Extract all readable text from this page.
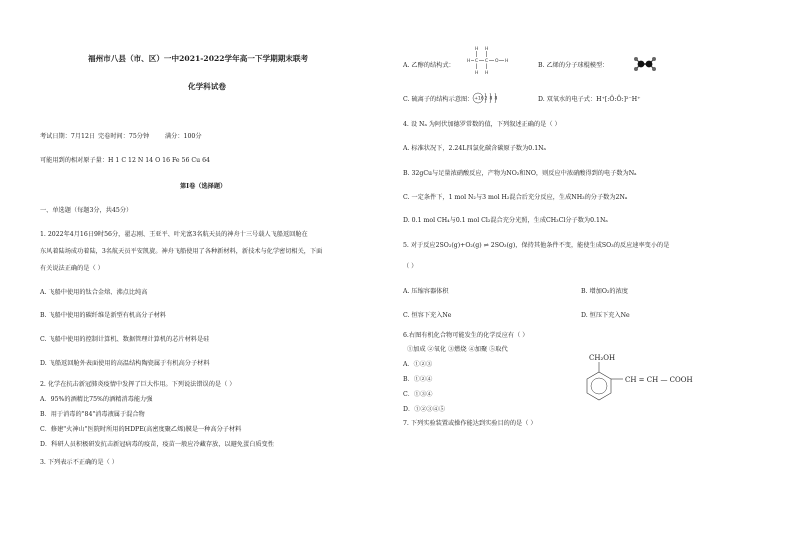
福州市八县（市、区）一中2021-2022学年高一下学期期末联考
化学科试卷
考试日期：7月12日 完卷时间：75分钟	满分：100分
可能用到的相对原子量：H 1 C 12 N 14 O 16 Fe 56 Cu 64
第Ⅰ卷（选择题）
一、单选题（每题3分，共45分）
1. 2022年4月16日9时56分，翟志刚、王亚平、叶光富3名航天员的神舟十三号载人飞船返回舱在
东风着陆场成功着陆，3名航天员平安凯旋。神舟飞船使用了各种新材料，新技术与化学密切相关，下面
有关说法正确的是（ ）
A. 飞船中使用的钛合金熔、沸点比纯高
B. 飞船中使用的碳纤维是新型有机高分子材料
C. 飞船中使用的控制计算机、数据管理计算机的芯片材料是硅
D. 飞船返回舱外表面使用的高温结构陶瓷属于有机高分子材料
2. 化学在抗击新冠肺炎疫情中发挥了巨大作用。下列说法错误的是（ ）
A．95%的酒精比75%的酒精消毒能力强
B．用于消毒的"84"消毒液属于混合物
C．修建"火神山"医院时所用的HDPE(高密度聚乙烯)膜是一种高分子材料
D．科研人员积极研发抗击新冠病毒的疫苗，疫苗一般应冷藏存放，以避免蛋白质变性
3. 下列表示不正确的是（ ）
A. 乙醇的结构式：
H H
H C C O H
H H
B. 乙烯的分子球棍模型：
C. 硫离子的结构示意图： +16 2 8 8	D. 双氧水的电子式：H⁺[:Ö:Ö:]²⁻H⁺
4. 设 Nₐ 为阿伏加德罗常数的值，下列叙述正确的是（ ）
A. 标准状况下，2.24L四氯化碳含碳原子数为0.1Nₐ
B. 32gCu与足量浓硝酸反应，产物为NO₂和NO，则反应中浓硝酸得到的电子数为Nₐ
C. 一定条件下，1 mol N₂与3 mol H₂混合后充分反应，生成NH₃的分子数为2Nₐ
D. 0.1 mol CH₄与0.1 mol Cl₂混合充分光照，生成CH₃Cl分子数为0.1Nₐ
5. 对于反应2SO₂(g)+O₂(g) ⇌ 2SO₃(g)，保持其他条件不变，能使生成SO₃的反应速率变小的是
（ ）
A. 压缩容器体积	B. 增加O₂的浓度
C. 恒容下充入Ne	D. 恒压下充入Ne
6.右图有机化合物可能发生的化学反应有（ ）
①加成 ②氧化 ③燃烧 ④加聚 ⑤取代
A．①②③
B．①②④
C．①③④
D．①②③④⑤
CH₂OH
CH = CH — COOH
7. 下列实验装置或操作能达到实验目的的是（ ）
